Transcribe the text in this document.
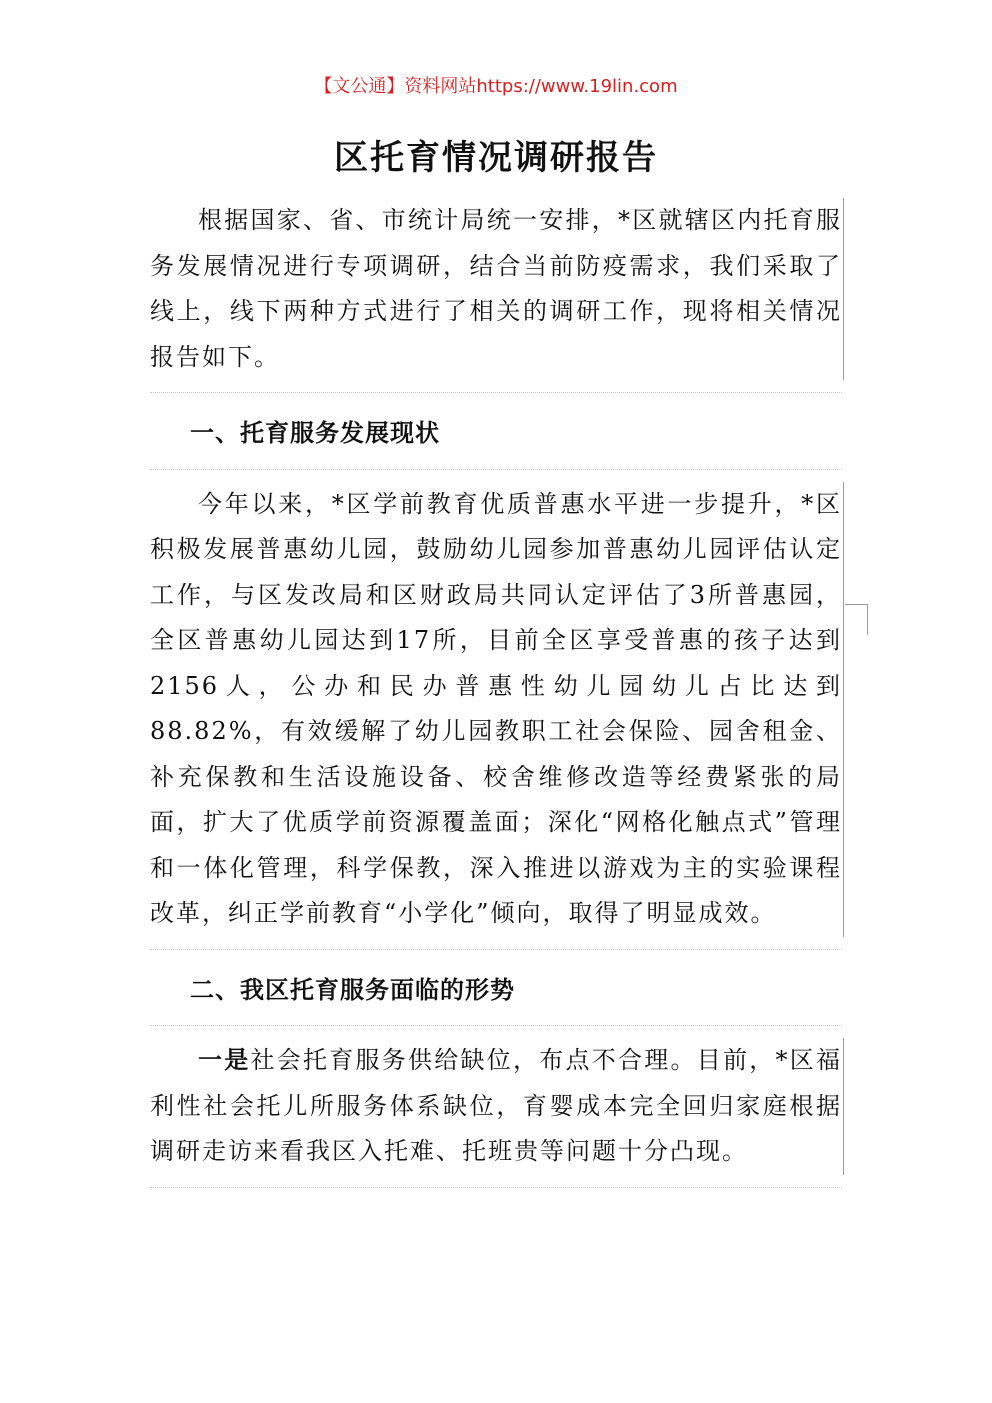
【文公通】资料网站https://www.19lin.com
区托育情况调研报告

根据国家、省、市统计局统一安排，*区就辖区内托育服务发展情况进行专项调研，结合当前防疫需求，我们采取了线上，线下两种方式进行了相关的调研工作，现将相关情况报告如下。

一、托育服务发展现状

今年以来，*区学前教育优质普惠水平进一步提升，*区积极发展普惠幼儿园，鼓励幼儿园参加普惠幼儿园评估认定工作，与区发改局和区财政局共同认定评估了3所普惠园，全区普惠幼儿园达到17所，目前全区享受普惠的孩子达到2156人，公办和民办普惠性幼儿园幼儿占比达到88.82%，有效缓解了幼儿园教职工社会保险、园舍租金、补充保教和生活设施设备、校舍维修改造等经费紧张的局面，扩大了优质学前资源覆盖面；深化“网格化触点式”管理和一体化管理，科学保教，深入推进以游戏为主的实验课程改革，纠正学前教育“小学化”倾向，取得了明显成效。

二、我区托育服务面临的形势

一是社会托育服务供给缺位，布点不合理。目前，*区福利性社会托儿所服务体系缺位，育婴成本完全回归家庭根据调研走访来看我区入托难、托班贵等问题十分凸现。
